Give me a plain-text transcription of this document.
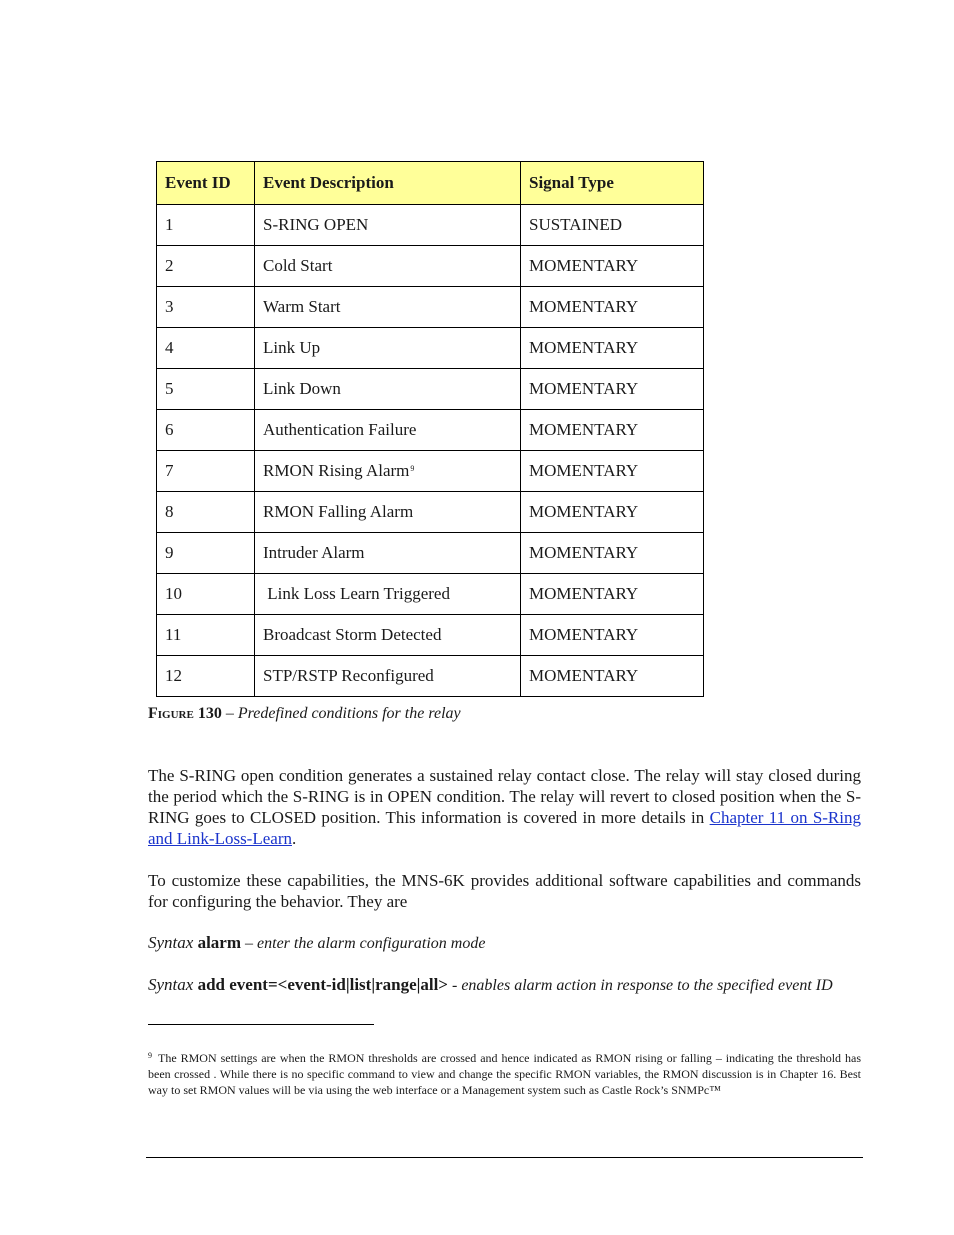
Event ID	Event Description	Signal Type
1	S-RING OPEN	SUSTAINED
2	Cold Start	MOMENTARY
3	Warm Start	MOMENTARY
4	Link Up	MOMENTARY
5	Link Down	MOMENTARY
6	Authentication Failure	MOMENTARY
7	RMON Rising Alarm$^9$	MOMENTARY
8	RMON Falling Alarm	MOMENTARY
9	Intruder Alarm	MOMENTARY
10	Link Loss Learn Triggered	MOMENTARY
11	Broadcast Storm Detected	MOMENTARY
12	STP/RSTP Reconfigured	MOMENTARY
Figure 130 – Predefined conditions for the relay

The S-RING open condition generates a sustained relay contact close. The relay will stay closed during the period which the S-RING is in OPEN condition. The relay will revert to closed position when the S-RING goes to CLOSED position. This information is covered in more details in Chapter 11 on S-Ring and Link-Loss-Learn.

To customize these capabilities, the MNS-6K provides additional software capabilities and commands for configuring the behavior. They are

Syntax alarm – enter the alarm configuration mode
Syntax add event=<event-id|list|range|all> - enables alarm action in response to the specified event ID

$^9$ The RMON settings are when the RMON thresholds are crossed and hence indicated as RMON rising or falling – indicating the threshold has been crossed . While there is no specific command to view and change the specific RMON variables, the RMON discussion is in Chapter 16. Best way to set RMON values will be via using the web interface or a Management system such as Castle Rock’s SNMPc™
